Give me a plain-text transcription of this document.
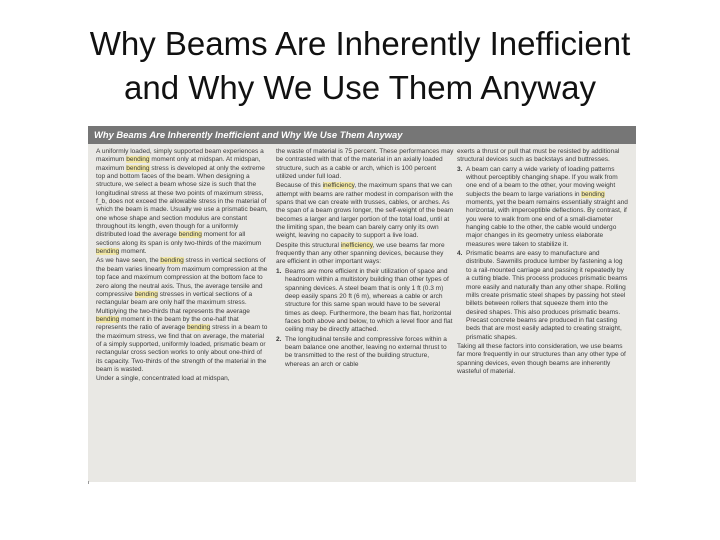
Why Beams Are Inherently Inefficient
and Why We Use Them Anyway
Why Beams Are Inherently Inefficient and Why We Use Them Anyway

A uniformly loaded, simply supported beam experiences a maximum bending moment only at midspan. At midspan, maximum bending stress is developed at only the extreme top and bottom faces of the beam. When designing a structure, we select a beam whose size is such that the longitudinal stress at these two points of maximum stress, f_b, does not exceed the allowable stress in the material of which the beam is made. Usually we use a prismatic beam, one whose shape and section modulus are constant throughout its length, even though for a uniformly distributed load the average bending moment for all sections along its span is only two-thirds of the maximum bending moment.

As we have seen, the bending stress in vertical sections of the beam varies linearly from maximum compression at the top face and maximum compression at the bottom face to zero along the neutral axis. Thus, the average tensile and compressive bending stresses in vertical sections of a rectangular beam are only half the maximum stress. Multiplying the two-thirds that represents the average bending moment in the beam by the one-half that represents the ratio of average bending stress in a beam to the maximum stress, we find that on average, the material of a simply supported, uniformly loaded, prismatic beam or rectangular cross section works to only about one-third of its capacity. Two-thirds of the strength of the material in the beam is wasted.

Under a single, concentrated load at midspan,

the waste of material is 75 percent. These performances may be contrasted with that of the material in an axially loaded structure, such as a cable or arch, which is 100 percent utilized under full load.

Because of this inefficiency, the maximum spans that we can attempt with beams are rather modest in comparison with the spans that we can create with trusses, cables, or arches. As the span of a beam grows longer, the self-weight of the beam becomes a larger and larger portion of the total load, until at the limiting span, the beam can barely carry only its own weight, leaving no capacity to support a live load.

Despite this structural inefficiency, we use beams far more frequently than any other spanning devices, because they are efficient in other important ways:

1. Beams are more efficient in their utilization of space and headroom within a multistory building than other types of spanning devices. A steel beam that is only 1 ft (0.3 m) deep easily spans 20 ft (6 m), whereas a cable or arch structure for this same span would have to be several times as deep. Furthermore, the beam has flat, horizontal faces both above and below, to which a level floor and flat ceiling may be directly attached.
2. The longitudinal tensile and compressive forces within a beam balance one another, leaving no external thrust to be transmitted to the rest of the building structure, whereas an arch or cable

exerts a thrust or pull that must be resisted by additional structural devices such as backstays and buttresses.

3. A beam can carry a wide variety of loading patterns without perceptibly changing shape. If you walk from one end of a beam to the other, your moving weight subjects the beam to large variations in bending moments, yet the beam remains essentially straight and horizontal, with imperceptible deflections. By contrast, if you were to walk from one end of a small-diameter hanging cable to the other, the cable would undergo major changes in its geometry unless elaborate measures were taken to stabilize it.
4. Prismatic beams are easy to manufacture and distribute. Sawmills produce lumber by fastening a log to a rail-mounted carriage and passing it repeatedly by a cutting blade. This process produces prismatic beams more easily and naturally than any other shape. Rolling mills create prismatic steel shapes by passing hot steel billets between rollers that squeeze them into the desired shapes. This also produces prismatic beams. Precast concrete beams are produced in flat casting beds that are most easily adapted to creating straight, prismatic shapes.

Taking all these factors into consideration, we use beams far more frequently in our structures than any other type of spanning devices, even though beams are inherently wasteful of material.
